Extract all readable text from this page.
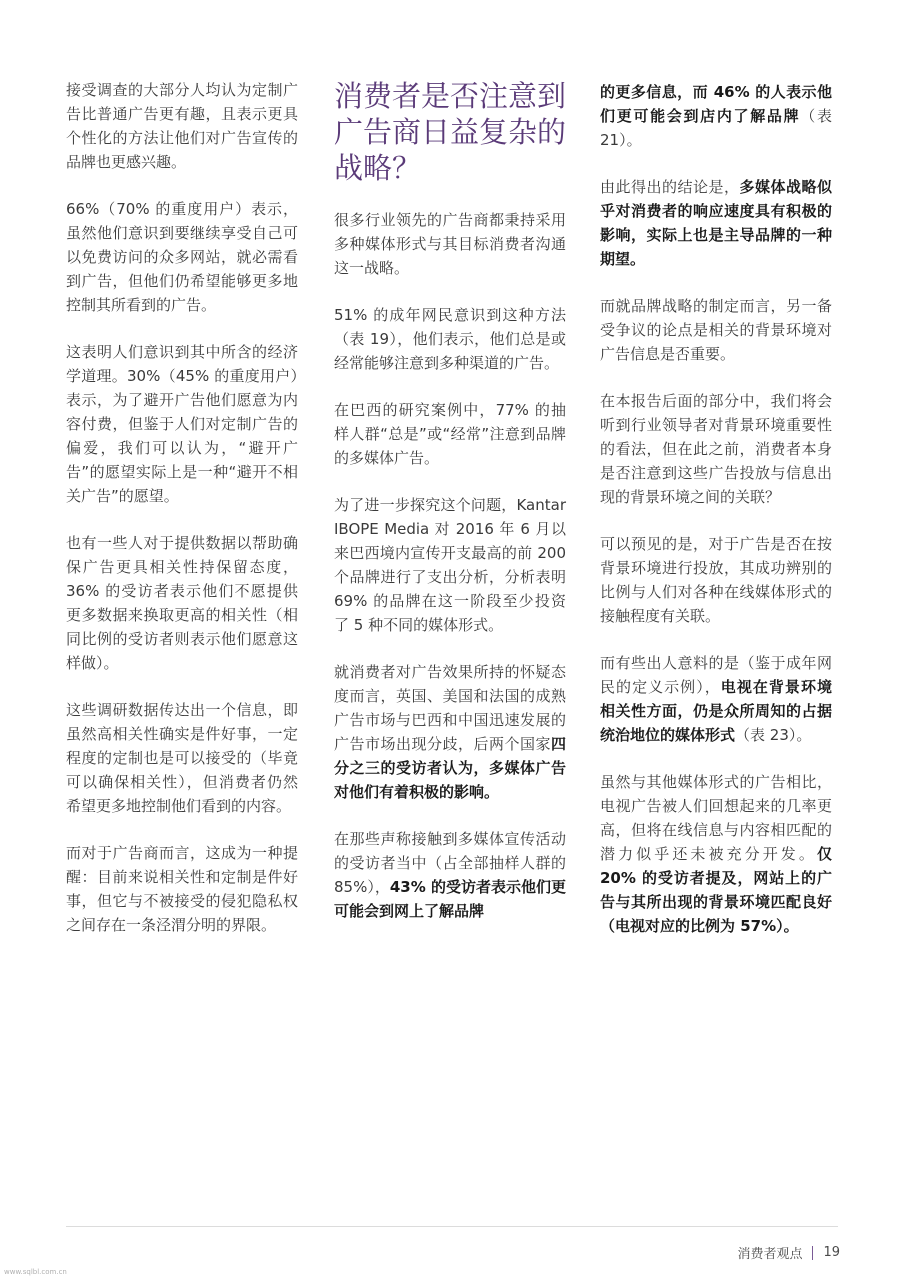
接受调查的大部分人均认为定制广告比普通广告更有趣，且表示更具个性化的方法让他们对广告宣传的品牌也更感兴趣。

66%（70% 的重度用户）表示，虽然他们意识到要继续享受自己可以免费访问的众多网站，就必需看到广告，但他们仍希望能够更多地控制其所看到的广告。

这表明人们意识到其中所含的经济学道理。30%（45% 的重度用户）表示，为了避开广告他们愿意为内容付费，但鉴于人们对定制广告的偏爱，我们可以认为，“避开广告”的愿望实际上是一种“避开不相关广告”的愿望。

也有一些人对于提供数据以帮助确保广告更具相关性持保留态度，36% 的受访者表示他们不愿提供更多数据来换取更高的相关性（相同比例的受访者则表示他们愿意这样做）。

这些调研数据传达出一个信息，即虽然高相关性确实是件好事，一定程度的定制也是可以接受的（毕竟可以确保相关性），但消费者仍然希望更多地控制他们看到的内容。

而对于广告商而言，这成为一种提醒：目前来说相关性和定制是件好事，但它与不被接受的侵犯隐私权之间存在一条泾渭分明的界限。

消费者是否注意到广告商日益复杂的战略？

很多行业领先的广告商都秉持采用多种媒体形式与其目标消费者沟通这一战略。

51% 的成年网民意识到这种方法（表 19），他们表示，他们总是或经常能够注意到多种渠道的广告。

在巴西的研究案例中，77% 的抽样人群“总是”或“经常”注意到品牌的多媒体广告。

为了进一步探究这个问题，Kantar IBOPE Media 对 2016 年 6 月以来巴西境内宣传开支最高的前 200 个品牌进行了支出分析，分析表明 69% 的品牌在这一阶段至少投资了 5 种不同的媒体形式。

就消费者对广告效果所持的怀疑态度而言，英国、美国和法国的成熟广告市场与巴西和中国迅速发展的广告市场出现分歧，后两个国家四分之三的受访者认为，多媒体广告对他们有着积极的影响。

在那些声称接触到多媒体宣传活动的受访者当中（占全部抽样人群的 85%），43% 的受访者表示他们更可能会到网上了解品牌

的更多信息，而 46% 的人表示他们更可能会到店内了解品牌（表 21）。

由此得出的结论是，多媒体战略似乎对消费者的响应速度具有积极的影响，实际上也是主导品牌的一种期望。

而就品牌战略的制定而言，另一备受争议的论点是相关的背景环境对广告信息是否重要。

在本报告后面的部分中，我们将会听到行业领导者对背景环境重要性的看法，但在此之前，消费者本身是否注意到这些广告投放与信息出现的背景环境之间的关联？

可以预见的是，对于广告是否在按背景环境进行投放，其成功辨别的比例与人们对各种在线媒体形式的接触程度有关联。

而有些出人意料的是（鉴于成年网民的定义示例），电视在背景环境相关性方面，仍是众所周知的占据统治地位的媒体形式（表 23）。

虽然与其他媒体形式的广告相比，电视广告被人们回想起来的几率更高，但将在线信息与内容相匹配的潜力似乎还未被充分开发。仅 20% 的受访者提及，网站上的广告与其所出现的背景环境匹配良好（电视对应的比例为 57%）。

消费者观点 19
www.sqlbl.com.cn
